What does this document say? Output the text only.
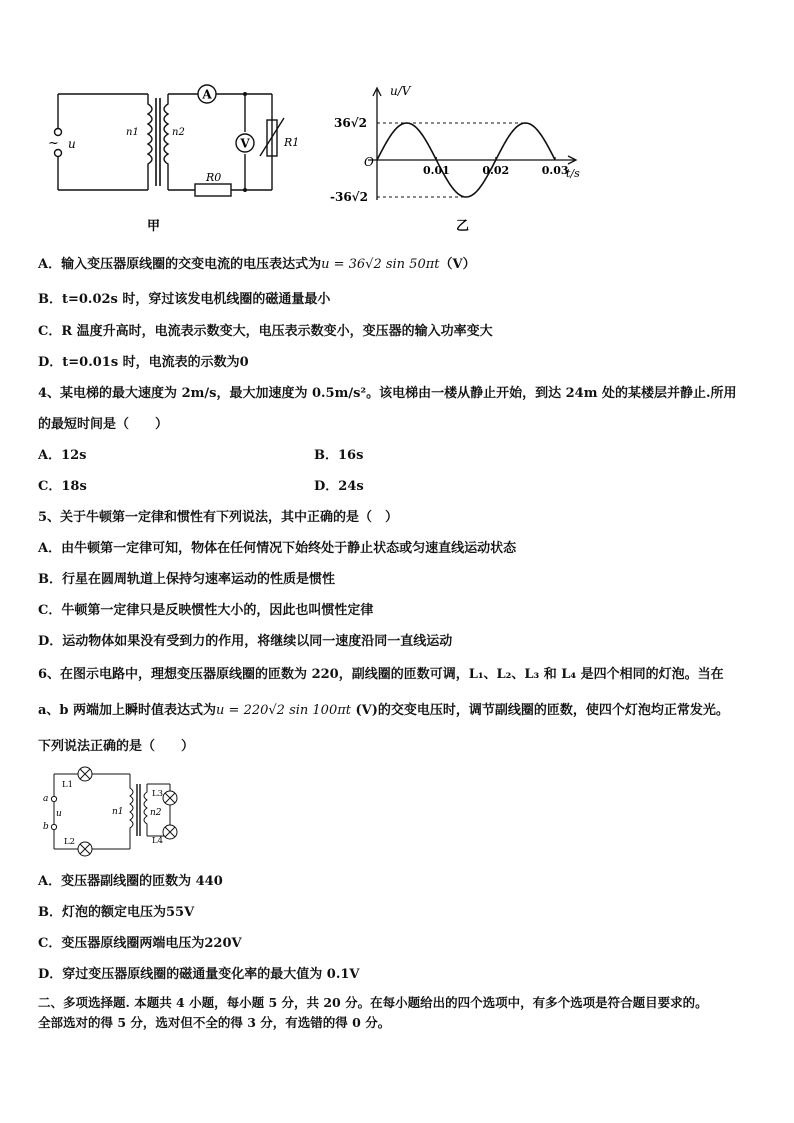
A
V
~ u
n1	n2
R1
R0
甲
u/V
t/s
O
36√2
-36√2
0.01	0.02	0.03
乙
A．输入变压器原线圈的交变电流的电压表达式为u = 36√2 sin 50πt（V）
B．t=0.02s 时，穿过该发电机线圈的磁通量最小
C．R 温度升高时，电流表示数变大，电压表示数变小，变压器的输入功率变大
D．t=0.01s 时，电流表的示数为0
4、某电梯的最大速度为 2m/s，最大加速度为 0.5m/s²。该电梯由一楼从静止开始，到达 24m 处的某楼层并静止.所用
的最短时间是（　　）
A．12s	B．16s
C．18s	D．24s
5、关于牛顿第一定律和惯性有下列说法，其中正确的是（　）
A．由牛顿第一定律可知，物体在任何情况下始终处于静止状态或匀速直线运动状态
B．行星在圆周轨道上保持匀速率运动的性质是惯性
C．牛顿第一定律只是反映惯性大小的，因此也叫惯性定律
D．运动物体如果没有受到力的作用，将继续以同一速度沿同一直线运动
6、在图示电路中，理想变压器原线圈的匝数为 220，副线圈的匝数可调，L₁、L₂、L₃ 和 L₄ 是四个相同的灯泡。当在
a、b 两端加上瞬时值表达式为u = 220√2 sin 100πt (V)的交变电压时，调节副线圈的匝数，使四个灯泡均正常发光。
下列说法正确的是（　　）
a
b
u	n1	n2
L1
L2
L3
L4
A．变压器副线圈的匝数为 440
B．灯泡的额定电压为55V
C．变压器原线圈两端电压为220V
D．穿过变压器原线圈的磁通量变化率的最大值为 0.1V
二、多项选择题. 本题共 4 小题，每小题 5 分，共 20 分。在每小题给出的四个选项中，有多个选项是符合题目要求的。
全部选对的得 5 分，选对但不全的得 3 分，有选错的得 0 分。
